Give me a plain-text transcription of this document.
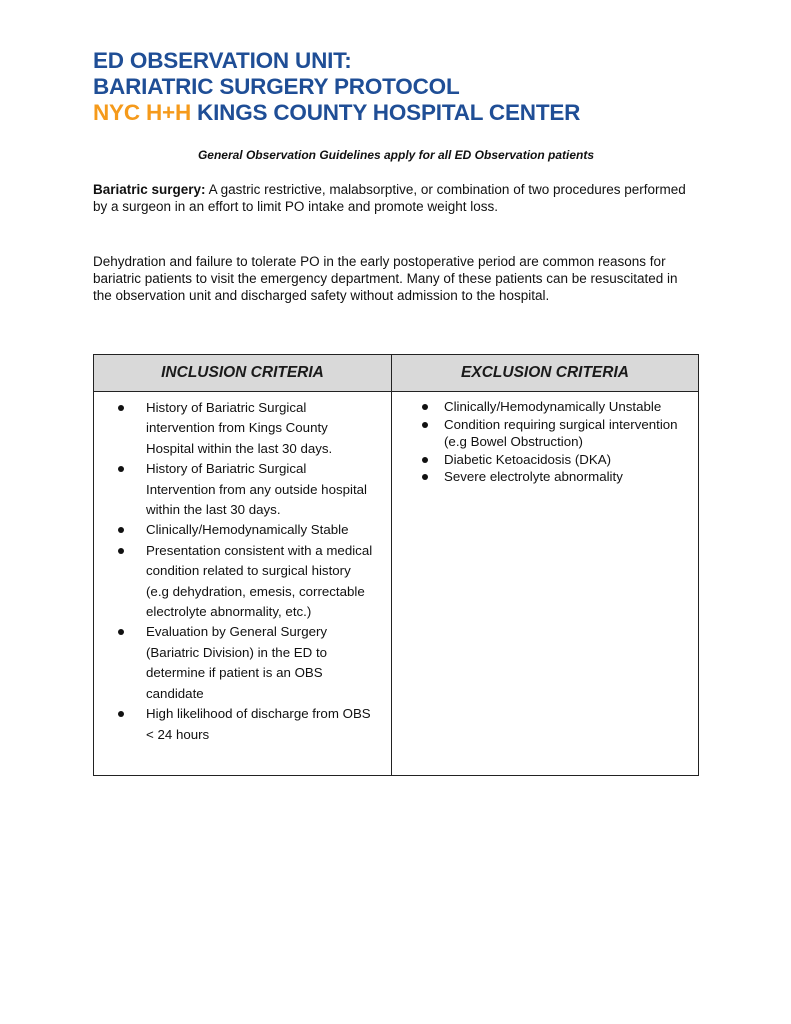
ED OBSERVATION UNIT:
BARIATRIC SURGERY PROTOCOL
NYC H+H KINGS COUNTY HOSPITAL CENTER
General Observation Guidelines apply for all ED Observation patients
Bariatric surgery: A gastric restrictive, malabsorptive, or combination of two procedures performed by a surgeon in an effort to limit PO intake and promote weight loss.
Dehydration and failure to tolerate PO in the early postoperative period are common reasons for bariatric patients to visit the emergency department. Many of these patients can be resuscitated in the observation unit and discharged safety without admission to the hospital.
INCLUSION CRITERIA	EXCLUSION CRITERIA
History of Bariatric Surgical intervention from Kings County Hospital within the last 30 days.
History of Bariatric Surgical Intervention from any outside hospital within the last 30 days.
Clinically/Hemodynamically Stable
Presentation consistent with a medical condition related to surgical history (e.g dehydration, emesis, correctable electrolyte abnormality, etc.)
Evaluation by General Surgery (Bariatric Division) in the ED to determine if patient is an OBS candidate
High likelihood of discharge from OBS < 24 hours
Clinically/Hemodynamically Unstable
Condition requiring surgical intervention (e.g Bowel Obstruction)
Diabetic Ketoacidosis (DKA)
Severe electrolyte abnormality
